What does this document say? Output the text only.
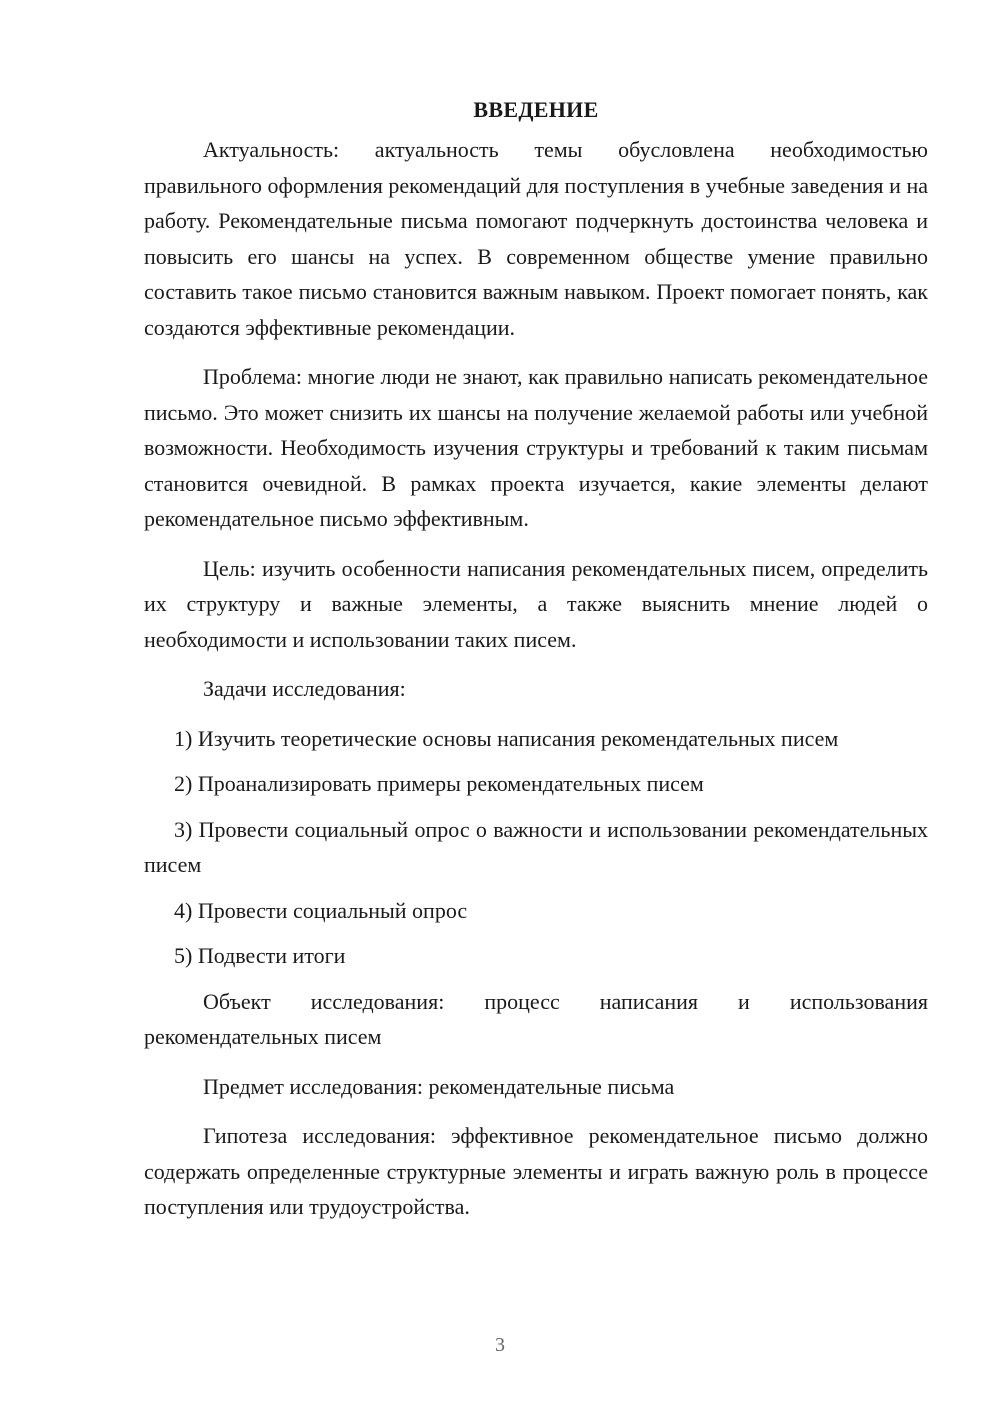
ВВЕДЕНИЕ

Актуальность: актуальность темы обусловлена необходимостью правильного оформления рекомендаций для поступления в учебные заведения и на работу. Рекомендательные письма помогают подчеркнуть достоинства человека и повысить его шансы на успех. В современном обществе умение правильно составить такое письмо становится важным навыком. Проект помогает понять, как создаются эффективные рекомендации.

Проблема: многие люди не знают, как правильно написать рекомендательное письмо. Это может снизить их шансы на получение желаемой работы или учебной возможности. Необходимость изучения структуры и требований к таким письмам становится очевидной. В рамках проекта изучается, какие элементы делают рекомендательное письмо эффективным.

Цель: изучить особенности написания рекомендательных писем, определить их структуру и важные элементы, а также выяснить мнение людей о необходимости и использовании таких писем.

Задачи исследования:

1) Изучить теоретические основы написания рекомендательных писем

2) Проанализировать примеры рекомендательных писем

3) Провести социальный опрос о важности и использовании рекомендательных писем

4) Провести социальный опрос

5) Подвести итоги

Объект исследования: процесс написания и использования рекомендательных писем

Предмет исследования: рекомендательные письма

Гипотеза исследования: эффективное рекомендательное письмо должно содержать определенные структурные элементы и играть важную роль в процессе поступления или трудоустройства.

3
